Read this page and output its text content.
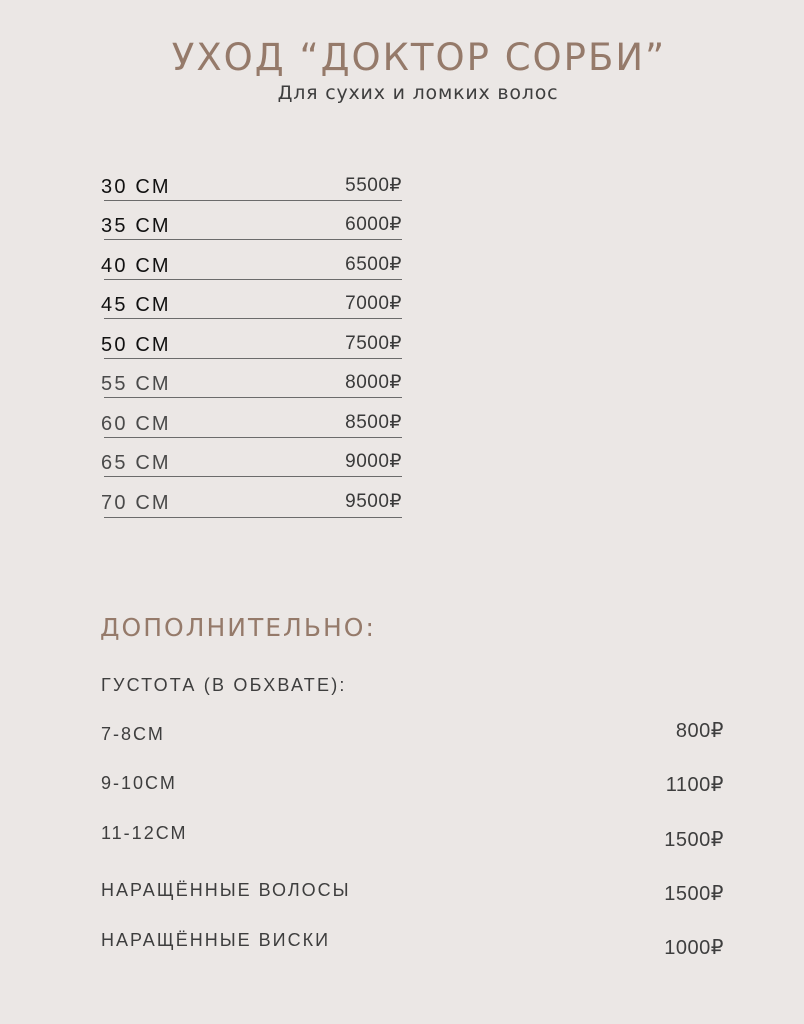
УХОД “ДОКТОР СОРБИ”
Для сухих и ломких волос
30 СМ	5500₽
35 СМ	6000₽
40 СМ	6500₽
45 СМ	7000₽
50 СМ	7500₽
55 СМ	8000₽
60 СМ	8500₽
65 СМ	9000₽
70 СМ	9500₽
ДОПОЛНИТЕЛЬНО:
ГУСТОТА (В ОБХВАТЕ):
7-8СМ	800₽
9-10СМ	1100₽
11-12СМ	1500₽
НАРАЩЁННЫЕ ВОЛОСЫ	1500₽
НАРАЩЁННЫЕ ВИСКИ	1000₽
